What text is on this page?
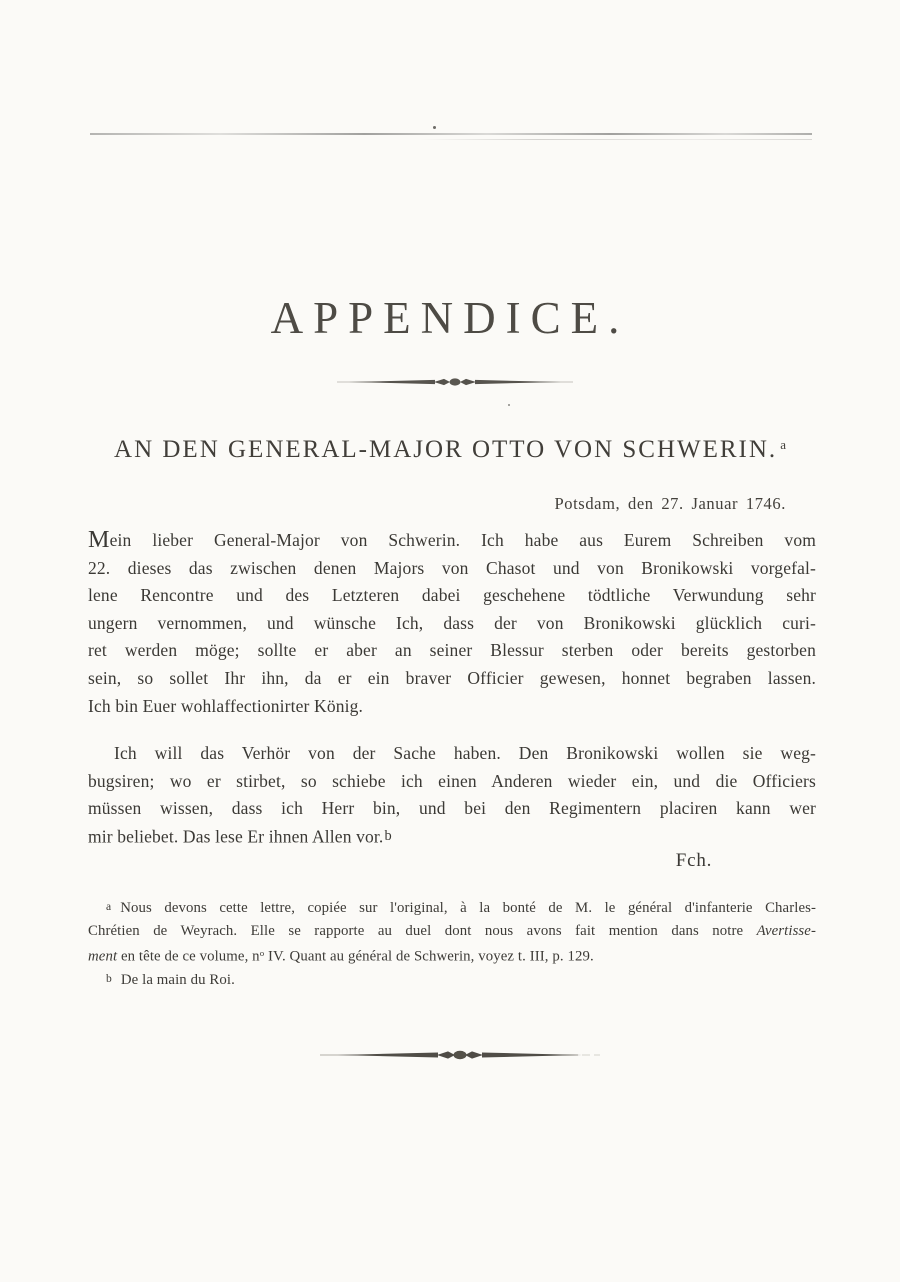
APPENDICE.
AN DEN GENERAL-MAJOR OTTO VON SCHWERIN. $^a$
Potsdam, den 27. Januar 1746.
Mein lieber General-Major von Schwerin. Ich habe aus Eurem Schreiben vom
22. dieses das zwischen denen Majors von Chasot und von Bronikowski vorgefal-
lene Rencontre und des Letzteren dabei geschehene tödtliche Verwundung sehr
ungern vernommen, und wünsche Ich, dass der von Bronikowski glücklich curi-
ret werden möge; sollte er aber an seiner Blessur sterben oder bereits gestorben
sein, so sollet Ihr ihn, da er ein braver Officier gewesen, honnet begraben lassen.
Ich bin Euer wohlaffectionirter König.
Ich will das Verhör von der Sache haben. Den Bronikowski wollen sie weg-
bugsiren; wo er stirbet, so schiebe ich einen Anderen wieder ein, und die Officiers
müssen wissen, dass ich Herr bin, und bei den Regimentern placiren kann wer
mir beliebet. Das lese Er ihnen Allen vor.b
Fch.
a Nous devons cette lettre, copiée sur l'original, à la bonté de M. le général d'infanterie Charles-
Chrétien de Weyrach. Elle se rapporte au duel dont nous avons fait mention dans notre Avertisse-
ment en tête de ce volume, $n^o$ IV. Quant au général de Schwerin, voyez t. III, p. 129.
b De la main du Roi.
